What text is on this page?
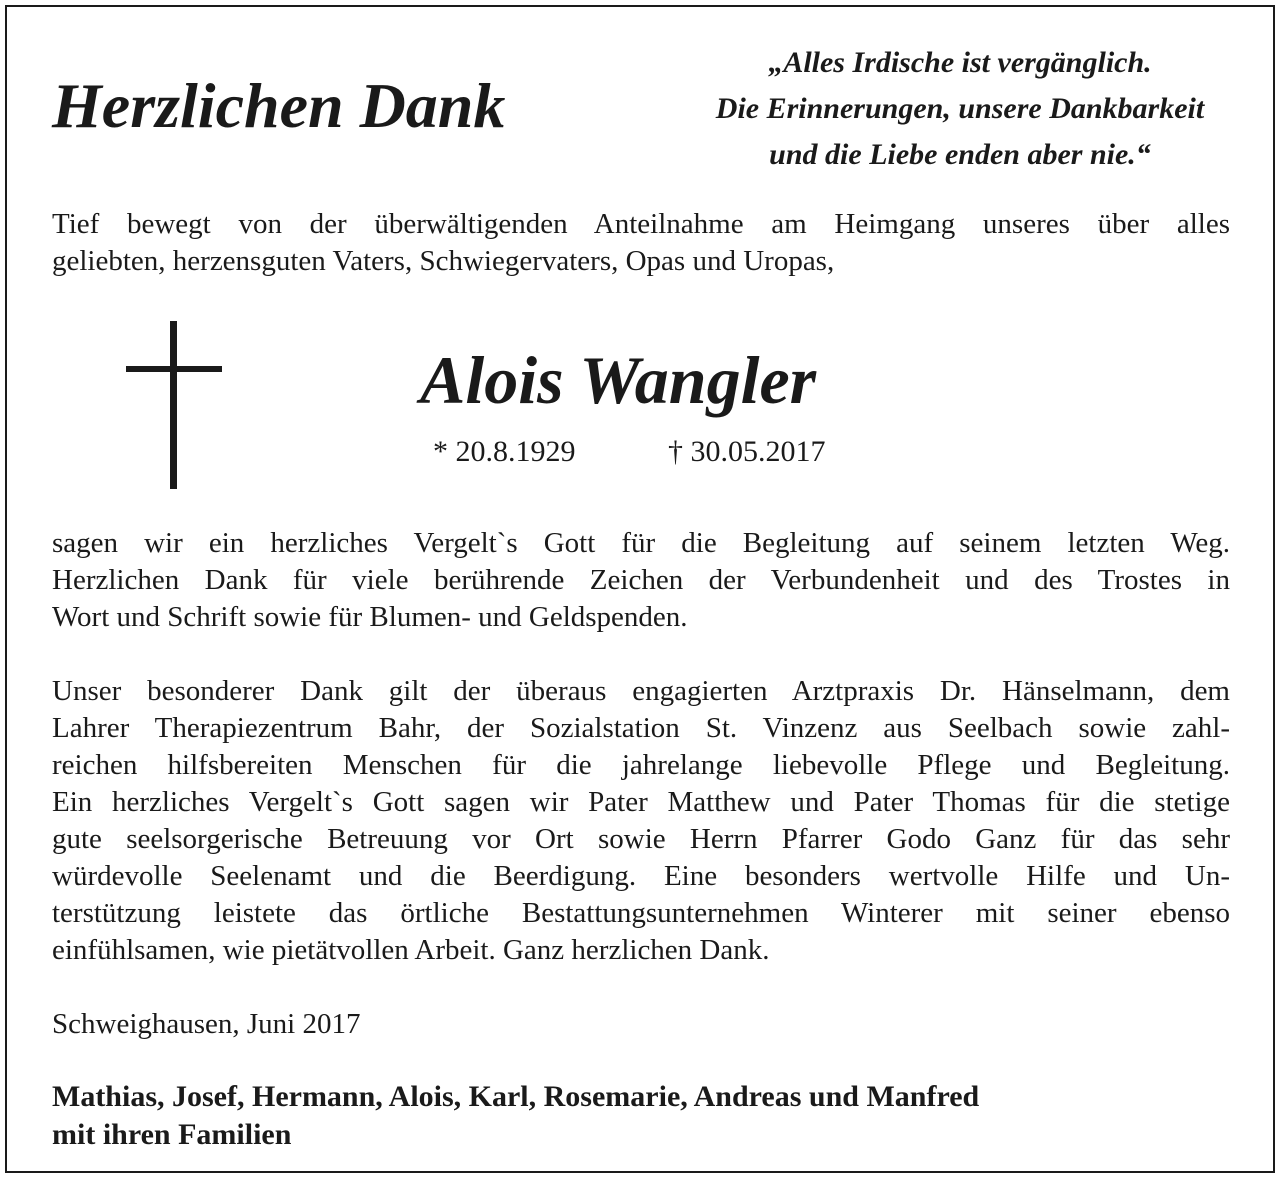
Herzlichen Dank
„Alles Irdische ist vergänglich.
Die Erinnerungen, unsere Dankbarkeit
und die Liebe enden aber nie.“
Tief bewegt von der überwältigenden Anteilnahme am Heimgang unseres über alles
geliebten, herzensguten Vaters, Schwiegervaters, Opas und Uropas,
Alois Wangler
* 20.8.1929	† 30.05.2017
sagen wir ein herzliches Vergelt`s Gott für die Begleitung auf seinem letzten Weg.
Herzlichen Dank für viele berührende Zeichen der Verbundenheit und des Trostes in
Wort und Schrift sowie für Blumen- und Geldspenden.
Unser besonderer Dank gilt der überaus engagierten Arztpraxis Dr. Hänselmann, dem
Lahrer Therapiezentrum Bahr, der Sozialstation St. Vinzenz aus Seelbach sowie zahl-
reichen hilfsbereiten Menschen für die jahrelange liebevolle Pflege und Begleitung.
Ein herzliches Vergelt`s Gott sagen wir Pater Matthew und Pater Thomas für die stetige
gute seelsorgerische Betreuung vor Ort sowie Herrn Pfarrer Godo Ganz für das sehr
würdevolle Seelenamt und die Beerdigung. Eine besonders wertvolle Hilfe und Un-
terstützung leistete das örtliche Bestattungsunternehmen Winterer mit seiner ebenso
einfühlsamen, wie pietätvollen Arbeit. Ganz herzlichen Dank.
Schweighausen, Juni 2017
Mathias, Josef, Hermann, Alois, Karl, Rosemarie, Andreas und Manfred
mit ihren Familien
